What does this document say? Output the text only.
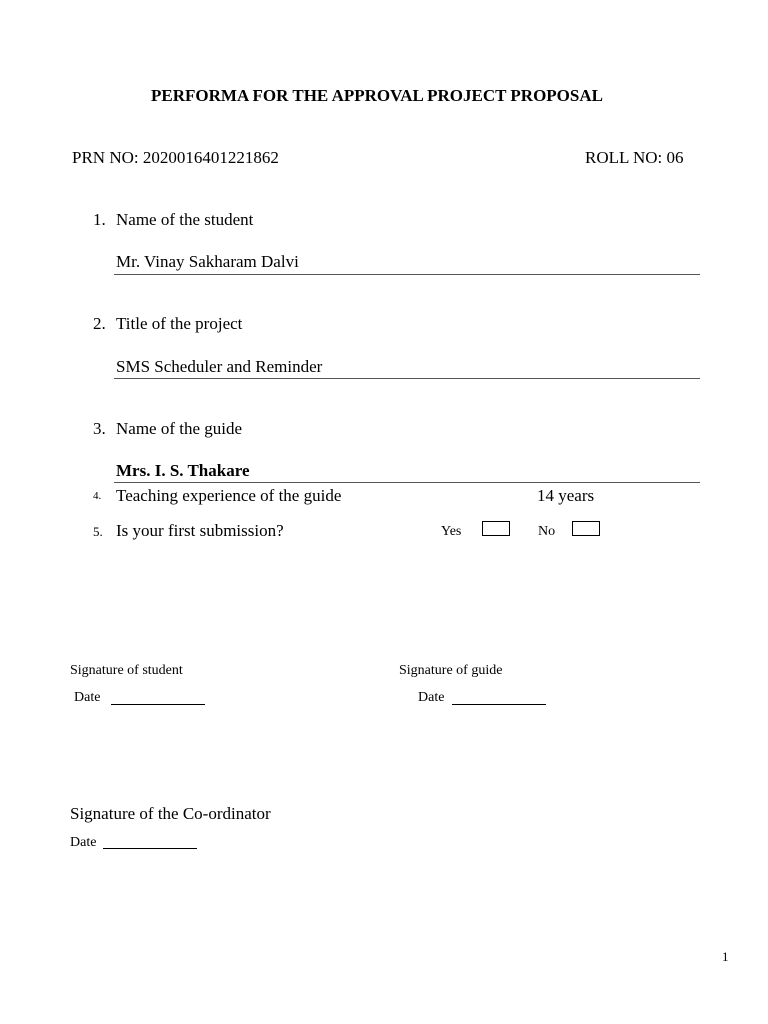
PERFORMA FOR THE APPROVAL PROJECT PROPOSAL
PRN NO: 2020016401221862	ROLL NO: 06
1. Name of the student
Mr. Vinay Sakharam Dalvi
2. Title of the project
SMS Scheduler and Reminder
3. Name of the guide
Mrs. I. S. Thakare
4. Teaching experience of the guide	14 years
5. Is your first submission?	Yes	No
Signature of student	Signature of guide
Date	Date
Signature of the Co-ordinator
Date
1
